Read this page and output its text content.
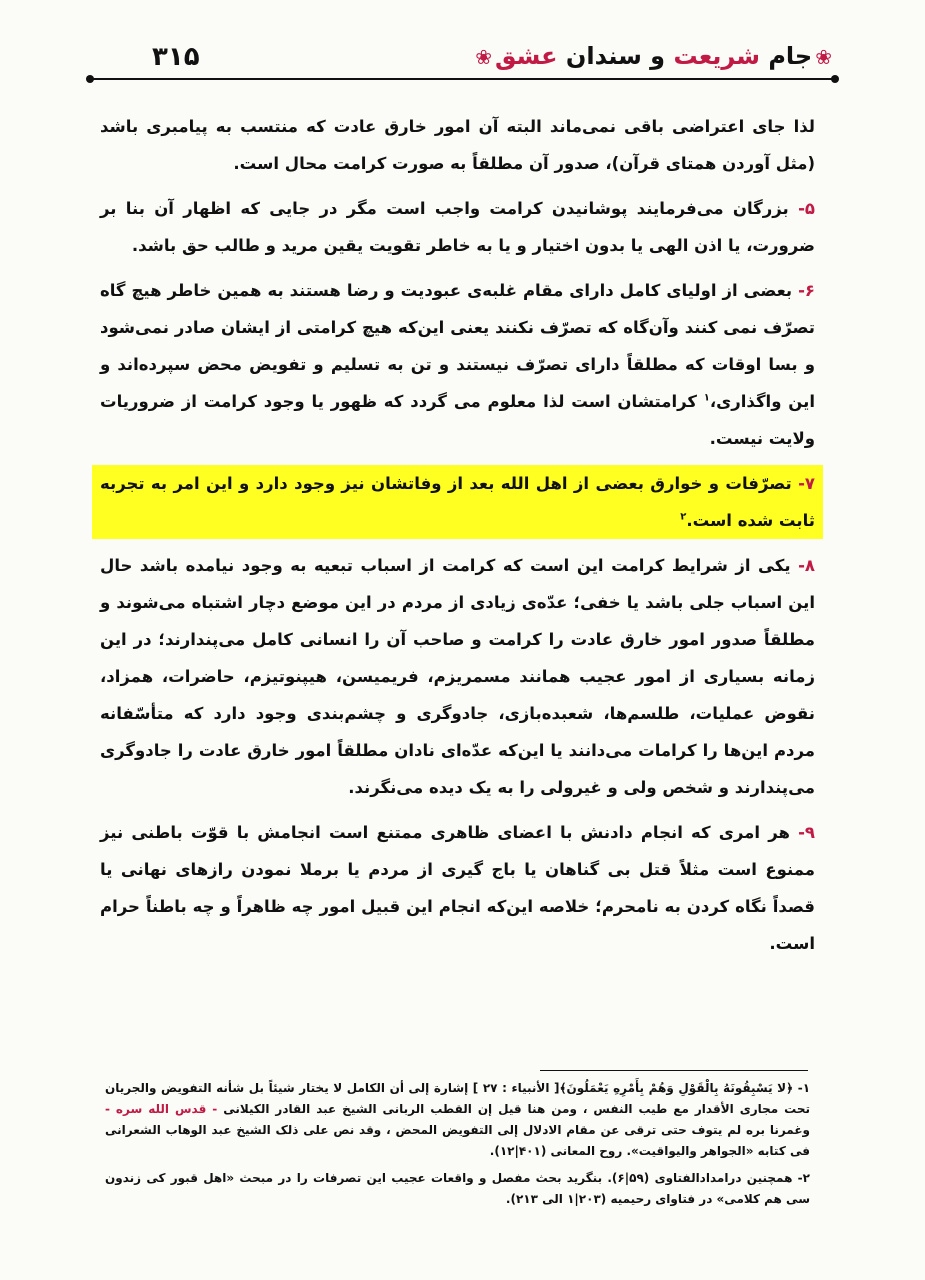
۳۱۵	❀جام شریعت و سندان عشق❀

لذا جای اعتراضی باقی نمی‌ماند البته آن امور خارق عادت که منتسب به پیامبری باشد (مثل آوردن همتای قرآن)، صدور آن مطلقاً به صورت کرامت محال است.

۵- بزرگان می‌فرمایند پوشانیدن کرامت واجب است مگر در جایی که اظهار آن بنا بر ضرورت، یا اذن الهی یا بدون اختیار و یا به خاطر تقویت یقین مرید و طالب حق باشد.

۶- بعضی از اولیای کامل دارای مقام غلبه‌ی عبودیت و رضا هستند به همین خاطر هیچ گاه تصرّف نمی کنند وآن‌گاه که تصرّف نکنند یعنی این‌که هیچ کرامتی از ایشان صادر نمی‌شود و بسا اوقات که مطلقاً دارای تصرّف نیستند و تن به تسلیم و تفویض محض سپرده‌اند و این واگذاری،$^۱$ کرامتشان است لذا معلوم می گردد که ظهور یا وجود کرامت از ضروریات ولایت نیست.

۷- تصرّفات و خوارق بعضی از اهل الله بعد از وفاتشان نیز وجود دارد و این امر به تجربه ثابت شده است.$^۲$

۸- یکی از شرایط کرامت این است که کرامت از اسباب تبعیه به وجود نیامده باشد حال این اسباب جلی باشد یا خفی؛ عدّه‌ی زیادی از مردم در این موضع دچار اشتباه می‌شوند و مطلقاً صدور امور خارق عادت را کرامت و صاحب آن را انسانی کامل می‌پندارند؛ در این زمانه بسیاری از امور عجیب همانند مسمریزم، فریمیسن، هیپنوتیزم، حاضرات، همزاد، نقوض عملیات، طلسم‌ها، شعبده‌بازی، جادوگری و چشم‌بندی وجود دارد که متأسّفانه مردم این‌ها را کرامات می‌دانند یا این‌که عدّه‌ای نادان مطلقاً امور خارق عادت را جادوگری می‌پندارند و شخص ولی و غیرولی را به یک دیده می‌نگرند.

۹- هر امری که انجام دادنش با اعضای ظاهری ممتنع است انجامش با قوّت باطنی نیز ممنوع است مثلاً قتل بی گناهان یا باج گیری از مردم یا برملا نمودن رازهای نهانی یا قصداً نگاه کردن به نامحرم؛ خلاصه این‌که انجام این قبیل امور چه ظاهراً و چه باطناً حرام است.

۱- ﴿لا یَسْبِقُونَهُ بِالْقَوْلِ وَهُمْ بِأَمْرِهِ یَعْمَلُونَ﴾[ الأنبیاء : ۲۷ ] إشارة إلی أن الکامل لا یختار شیئاً بل شأنه التفویض والجریان تحت مجاری الأقدار مع طیب النفس ، ومن هنا قیل إن القطب الربانی الشیخ عبد القادر الکیلانی - قدس الله سره - وغمرنا بره لم یتوف حتی ترقی عن مقام الادلال إلی التفویض المحض ، وقد نص علی ذلک الشیخ عبد الوهاب الشعرانی فی کتابه «الجواهر والیواقیت». روح المعانی (۴۰۱|۱۲).

۲- همچنین درامدادالفتاوی (۵۹|۶). بنگرید بحث مفصل و واقعات عجیب این تصرفات را در مبحث «اهل قبور کی زندون سی هم کلامی» در فتاوای رحیمیه (۲۰۳|۱ الی ۲۱۳).
